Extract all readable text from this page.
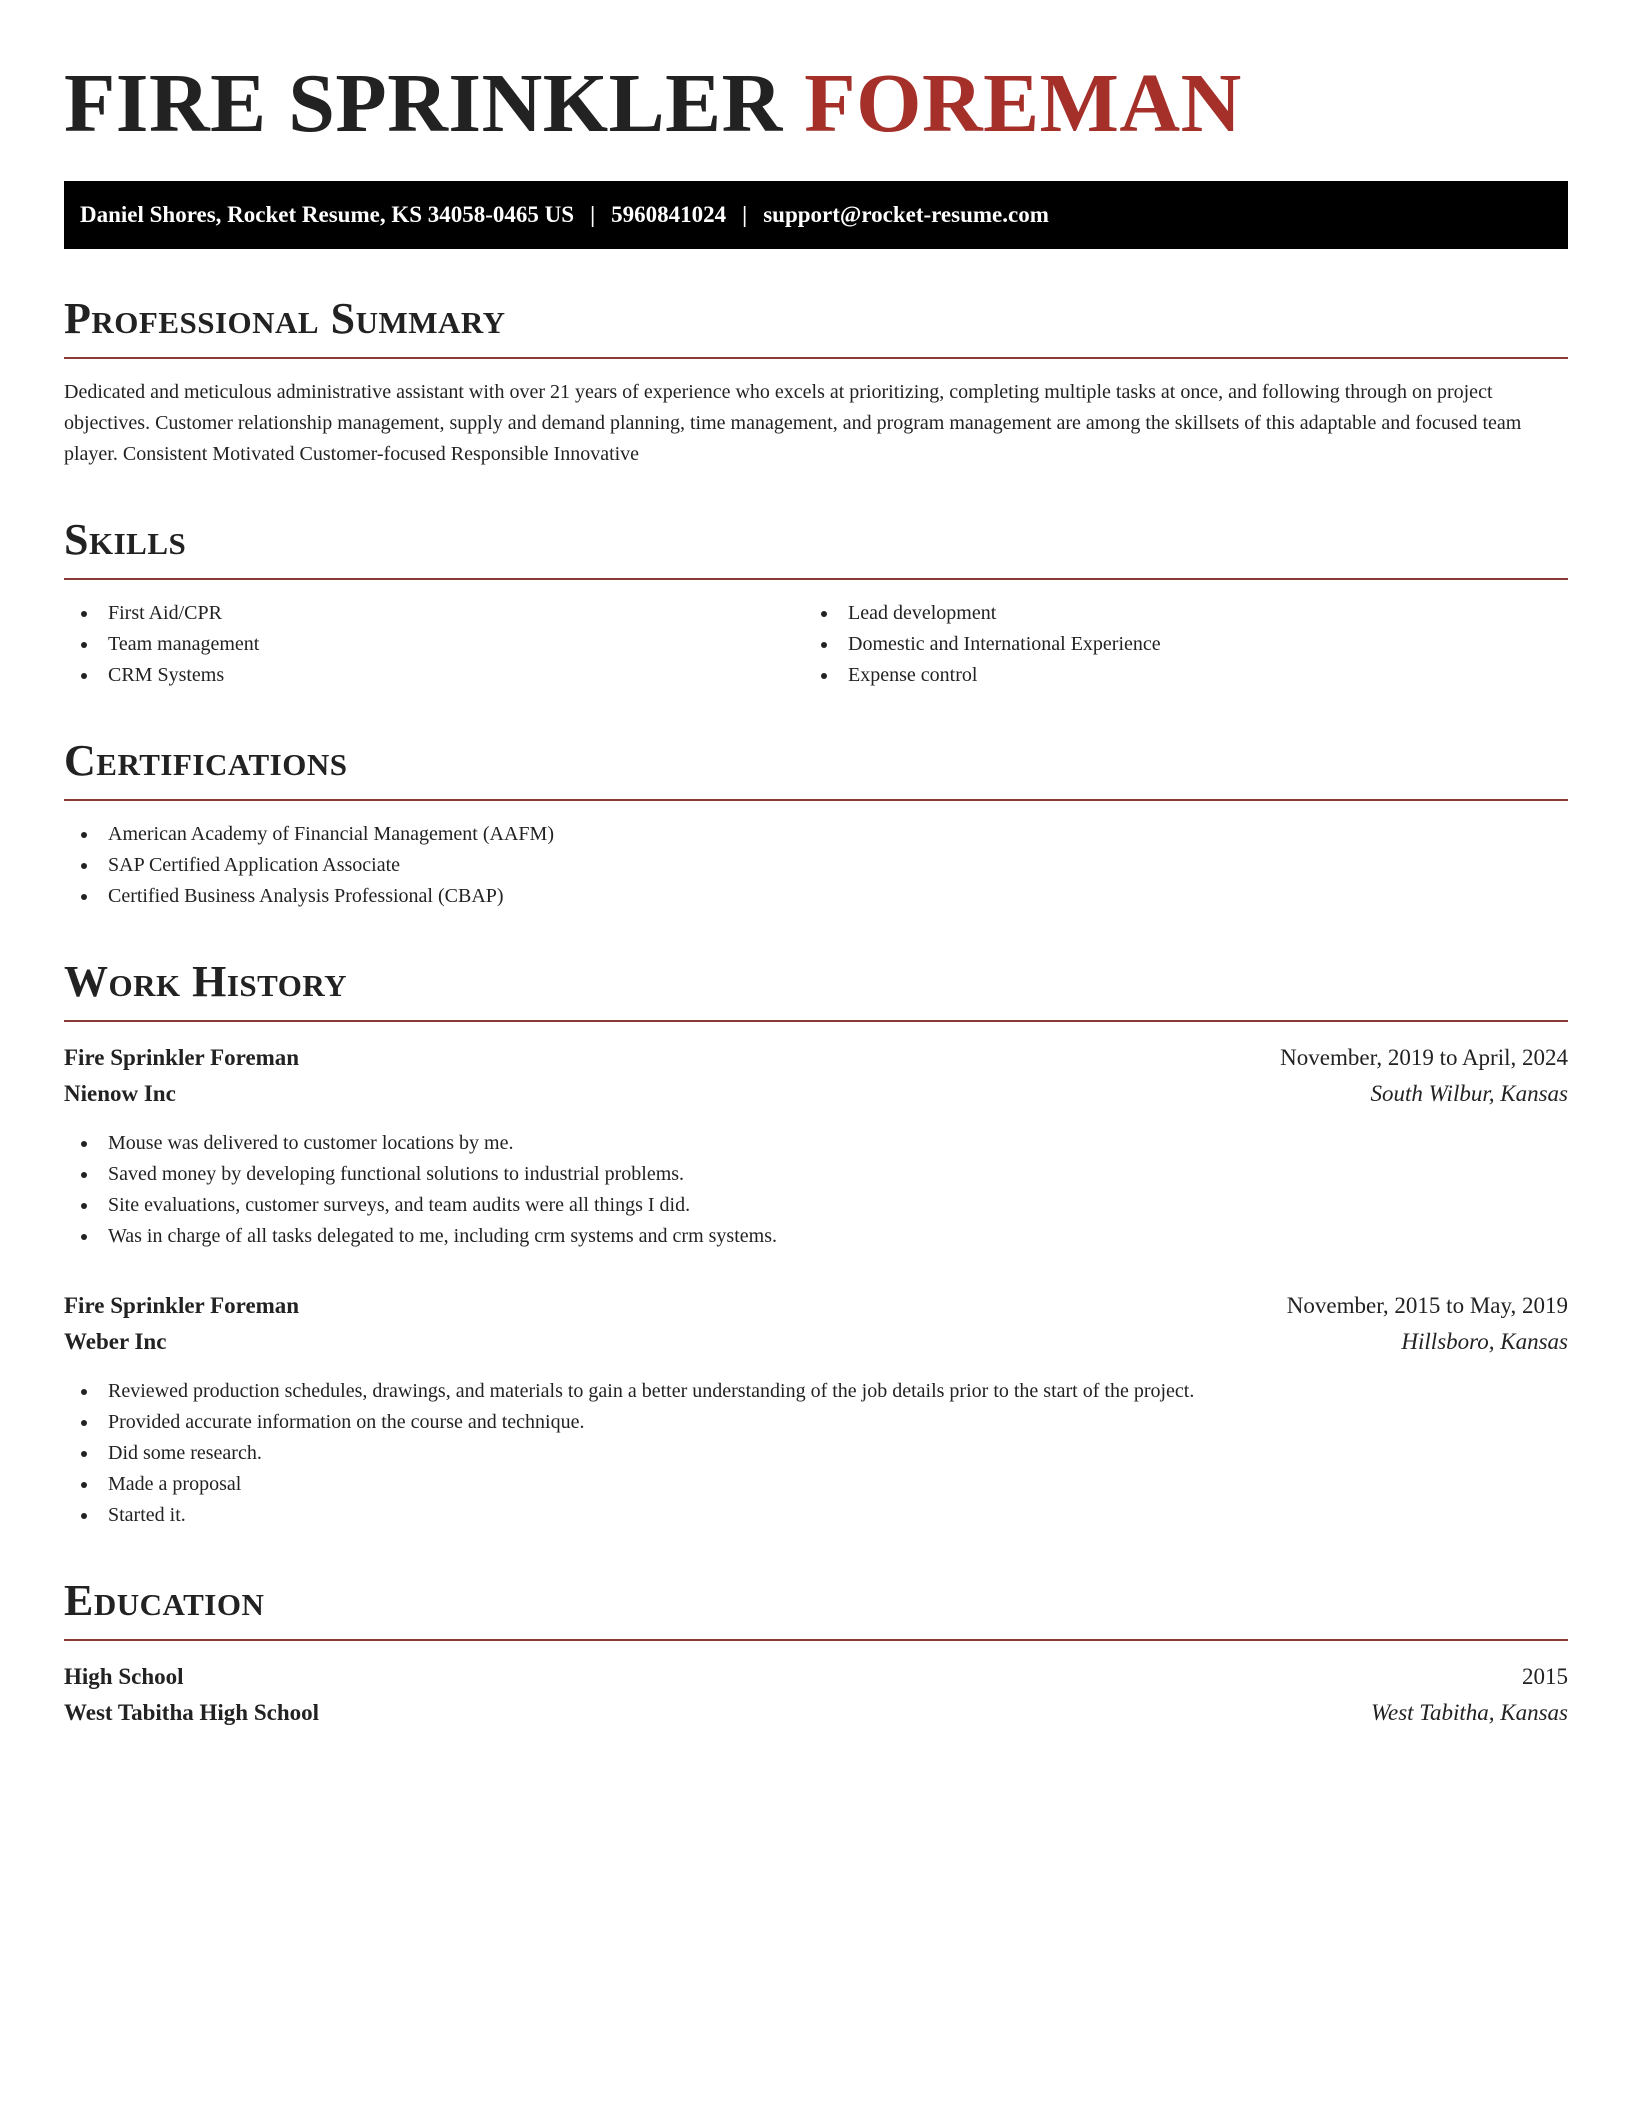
FIRE SPRINKLER FOREMAN
Daniel Shores, Rocket Resume, KS 34058-0465 US | 5960841024 | support@rocket-resume.com
Professional Summary

Dedicated and meticulous administrative assistant with over 21 years of experience who excels at prioritizing, completing multiple tasks at once, and following through on project objectives. Customer relationship management, supply and demand planning, time management, and program management are among the skillsets of this adaptable and focused team player. Consistent Motivated Customer-focused Responsible Innovative

Skills
First Aid/CPR
Team management
CRM Systems
Lead development
Domestic and International Experience
Expense control
Certifications
American Academy of Financial Management (AAFM)
SAP Certified Application Associate
Certified Business Analysis Professional (CBAP)
Work History
Fire Sprinkler Foreman	November, 2019 to April, 2024
Nienow Inc	South Wilbur, Kansas
Mouse was delivered to customer locations by me.
Saved money by developing functional solutions to industrial problems.
Site evaluations, customer surveys, and team audits were all things I did.
Was in charge of all tasks delegated to me, including crm systems and crm systems.
Fire Sprinkler Foreman	November, 2015 to May, 2019
Weber Inc	Hillsboro, Kansas
Reviewed production schedules, drawings, and materials to gain a better understanding of the job details prior to the start of the project.
Provided accurate information on the course and technique.
Did some research.
Made a proposal
Started it.
Education
High School	2015
West Tabitha High School	West Tabitha, Kansas
